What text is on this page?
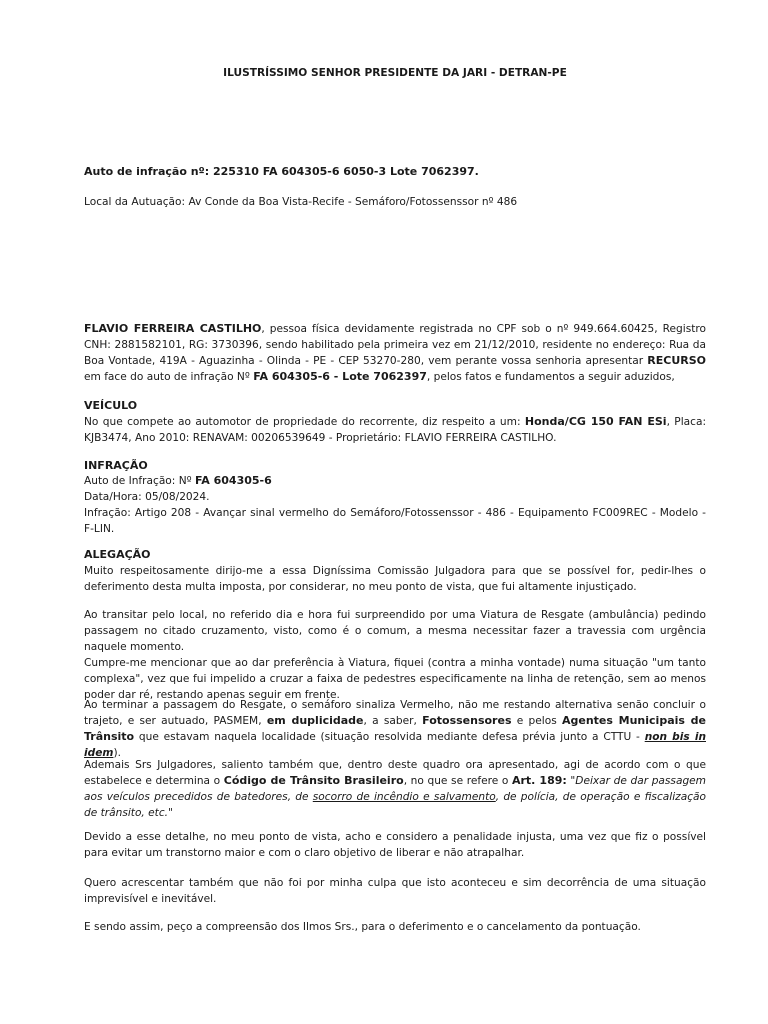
ILUSTRÍSSIMO SENHOR PRESIDENTE DA JARI - DETRAN-PE
Auto de infração nº: 225310 FA 604305-6 6050-3 Lote 7062397.
Local da Autuação: Av Conde da Boa Vista-Recife - Semáforo/Fotossenssor nº 486

FLAVIO FERREIRA CASTILHO, pessoa física devidamente registrada no CPF sob o nº 949.664.60425, Registro CNH: 2881582101, RG: 3730396, sendo habilitado pela primeira vez em 21/12/2010, residente no endereço: Rua da Boa Vontade, 419A - Aguazinha - Olinda - PE - CEP 53270-280, vem perante vossa senhoria apresentar RECURSO em face do auto de infração Nº FA 604305-6 - Lote 7062397, pelos fatos e fundamentos a seguir aduzidos,

VEÍCULO

No que compete ao automotor de propriedade do recorrente, diz respeito a um: Honda/CG 150 FAN ESi, Placa: KJB3474, Ano 2010: RENAVAM: 00206539649 - Proprietário: FLAVIO FERREIRA CASTILHO.

INFRAÇÃO

Auto de Infração: Nº FA 604305-6

Data/Hora: 05/08/2024.

Infração: Artigo 208 - Avançar sinal vermelho do Semáforo/Fotossenssor - 486 - Equipamento FC009REC - Modelo - F-LIN.

ALEGAÇÃO

Muito respeitosamente dirijo-me a essa Digníssima Comissão Julgadora para que se possível for, pedir-lhes o deferimento desta multa imposta, por considerar, no meu ponto de vista, que fui altamente injustiçado.

Ao transitar pelo local, no referido dia e hora fui surpreendido por uma Viatura de Resgate (ambulância) pedindo passagem no citado cruzamento, visto, como é o comum, a mesma necessitar fazer a travessia com urgência naquele momento.

Cumpre-me mencionar que ao dar preferência à Viatura, fiquei (contra a minha vontade) numa situação "um tanto complexa", vez que fui impelido a cruzar a faixa de pedestres especificamente na linha de retenção, sem ao menos poder dar ré, restando apenas seguir em frente.

Ao terminar a passagem do Resgate, o semáforo sinaliza Vermelho, não me restando alternativa senão concluir o trajeto, e ser autuado, PASMEM, em duplicidade, a saber, Fotossensores e pelos Agentes Municipais de Trânsito que estavam naquela localidade (situação resolvida mediante defesa prévia junto a CTTU - non bis in idem).

Ademais Srs Julgadores, saliento também que, dentro deste quadro ora apresentado, agi de acordo com o que estabelece e determina o Código de Trânsito Brasileiro, no que se refere o Art. 189: "Deixar de dar passagem aos veículos precedidos de batedores, de socorro de incêndio e salvamento, de polícia, de operação e fiscalização de trânsito, etc."

Devido a esse detalhe, no meu ponto de vista, acho e considero a penalidade injusta, uma vez que fiz o possível para evitar um transtorno maior e com o claro objetivo de liberar e não atrapalhar.

Quero acrescentar também que não foi por minha culpa que isto aconteceu e sim decorrência de uma situação imprevisível e inevitável.

E sendo assim, peço a compreensão dos Ilmos Srs., para o deferimento e o cancelamento da pontuação.
